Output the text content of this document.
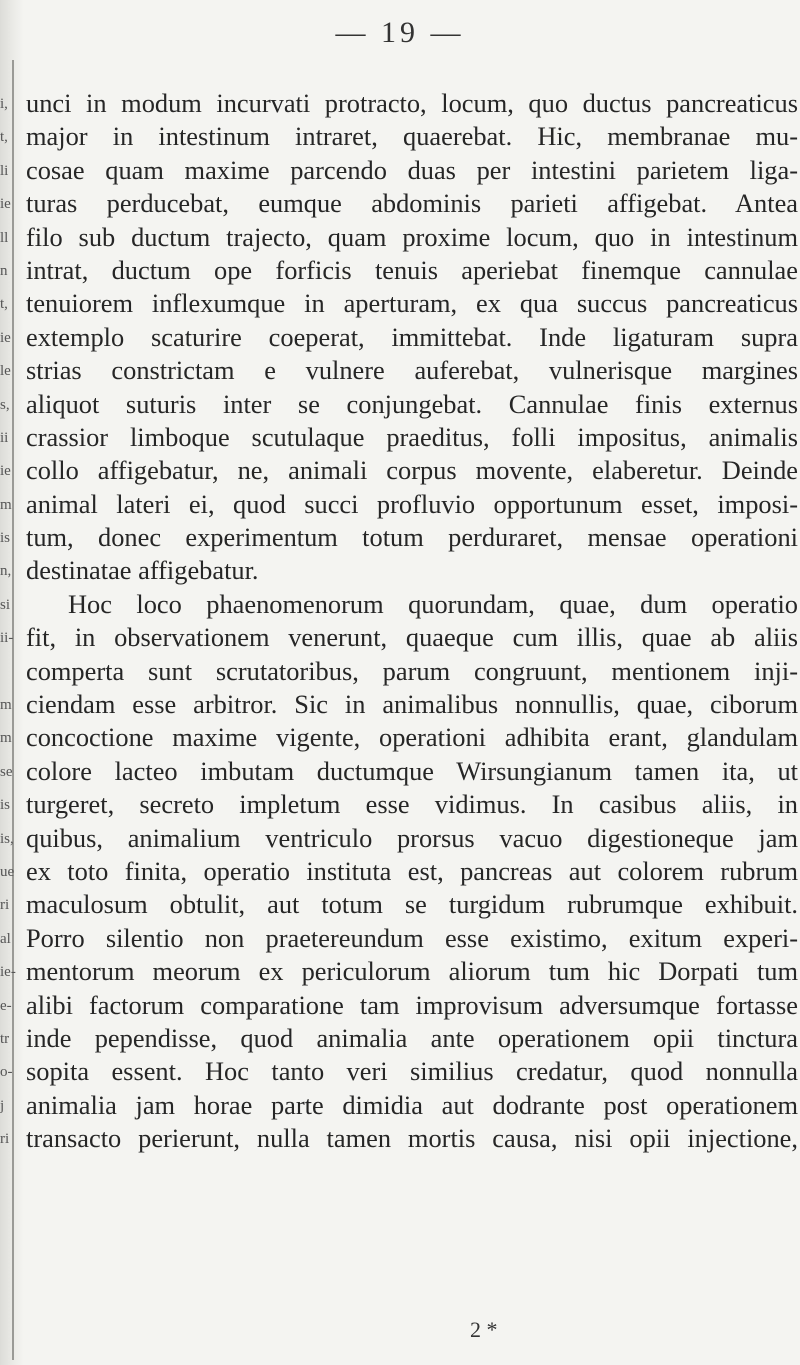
i,
t,
li
ie
ll
n
t,
ie
le
s,
ii
ie
m
is
n,
si
ii-
m
m
se
is
is,
ue
ri
al
ie-
e-
tr
o-
j
ri
— 19 —
unci in modum incurvati protracto, locum, quo ductus pancreaticus
major in intestinum intraret, quaerebat. Hic, membranae mu-
cosae quam maxime parcendo duas per intestini parietem liga-
turas perducebat, eumque abdominis parieti affigebat. Antea
filo sub ductum trajecto, quam proxime locum, quo in intestinum
intrat, ductum ope forficis tenuis aperiebat finemque cannulae
tenuiorem inflexumque in aperturam, ex qua succus pancreaticus
extemplo scaturire coeperat, immittebat. Inde ligaturam supra
strias constrictam e vulnere auferebat, vulnerisque margines
aliquot suturis inter se conjungebat. Cannulae finis externus
crassior limboque scutulaque praeditus, folli impositus, animalis
collo affigebatur, ne, animali corpus movente, elaberetur. Deinde
animal lateri ei, quod succi profluvio opportunum esset, imposi-
tum, donec experimentum totum perduraret, mensae operationi
destinatae affigebatur.
Hoc loco phaenomenorum quorundam, quae, dum operatio
fit, in observationem venerunt, quaeque cum illis, quae ab aliis
comperta sunt scrutatoribus, parum congruunt, mentionem inji-
ciendam esse arbitror. Sic in animalibus nonnullis, quae, ciborum
concoctione maxime vigente, operationi adhibita erant, glandulam
colore lacteo imbutam ductumque Wirsungianum tamen ita, ut
turgeret, secreto impletum esse vidimus. In casibus aliis, in
quibus, animalium ventriculo prorsus vacuo digestioneque jam
ex toto finita, operatio instituta est, pancreas aut colorem rubrum
maculosum obtulit, aut totum se turgidum rubrumque exhibuit.
Porro silentio non praetereundum esse existimo, exitum experi-
mentorum meorum ex periculorum aliorum tum hic Dorpati tum
alibi factorum comparatione tam improvisum adversumque fortasse
inde pependisse, quod animalia ante operationem opii tinctura
sopita essent. Hoc tanto veri similius credatur, quod nonnulla
animalia jam horae parte dimidia aut dodrante post operationem
transacto perierunt, nulla tamen mortis causa, nisi opii injectione,
2 *
